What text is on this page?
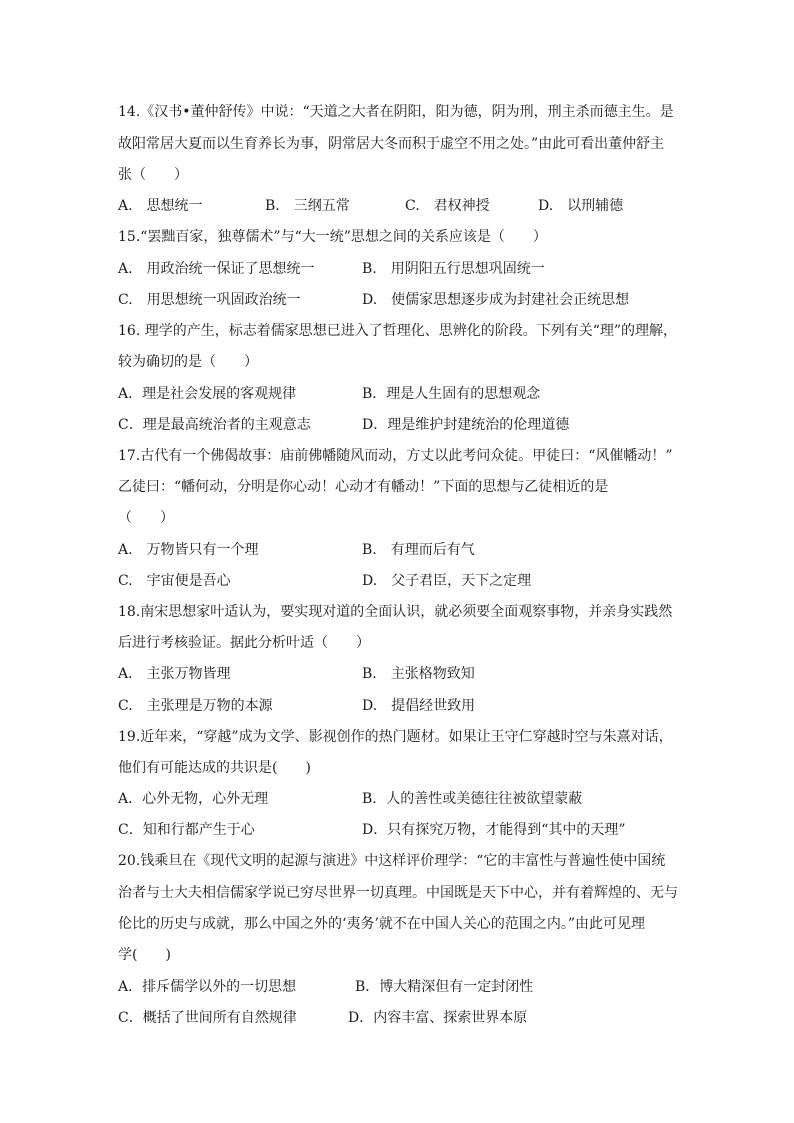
14.《汉书•董仲舒传》中说：“天道之大者在阴阳，阳为德，阴为刑，刑主杀而德主生。是
故阳常居大夏而以生育养长为事，阴常居大冬而积于虚空不用之处。”由此可看出董仲舒主
张（　　）
A.　思想统一	B.　三纲五常	C.　君权神授	D.　以刑辅德
15.“罢黜百家，独尊儒术”与“大一统”思想之间的关系应该是（　　）
A.　用政治统一保证了思想统一	B.　用阴阳五行思想巩固统一
C.　用思想统一巩固政治统一	D.　使儒家思想逐步成为封建社会正统思想
16. 理学的产生，标志着儒家思想已进入了哲理化、思辨化的阶段。下列有关“理”的理解，
较为确切的是（　　）
A．理是社会发展的客观规律	B．理是人生固有的思想观念
C．理是最高统治者的主观意志	D．理是维护封建统治的伦理道德
17.古代有一个佛偈故事：庙前佛幡随风而动，方丈以此考问众徒。甲徒曰：“风催幡动！”
乙徒曰：“幡何动，分明是你心动！心动才有幡动！”下面的思想与乙徒相近的是
（　　）
A.　万物皆只有一个理	B.　有理而后有气
C.　宇宙便是吾心	D.　父子君臣，天下之定理
18.南宋思想家叶适认为，要实现对道的全面认识，就必须要全面观察事物，并亲身实践然
后进行考核验证。据此分析叶适（　　）
A.　主张万物皆理	B.　主张格物致知
C.　主张理是万物的本源	D.　提倡经世致用
19.近年来，“穿越”成为文学、影视创作的热门题材。如果让王守仁穿越时空与朱熹对话，
他们有可能达成的共识是(　　)
A．心外无物，心外无理	B．人的善性或美德往往被欲望蒙蔽
C．知和行都产生于心	D．只有探究万物，才能得到“其中的天理”
20.钱乘旦在《现代文明的起源与演进》中这样评价理学：“它的丰富性与普遍性使中国统
治者与士大夫相信儒家学说已穷尽世界一切真理。中国既是天下中心，并有着辉煌的、无与
伦比的历史与成就，那么中国之外的‘夷务’就不在中国人关心的范围之内。”由此可见理
学(　　)
A．排斥儒学以外的一切思想	B．博大精深但有一定封闭性
C．概括了世间所有自然规律	D．内容丰富、探索世界本原
